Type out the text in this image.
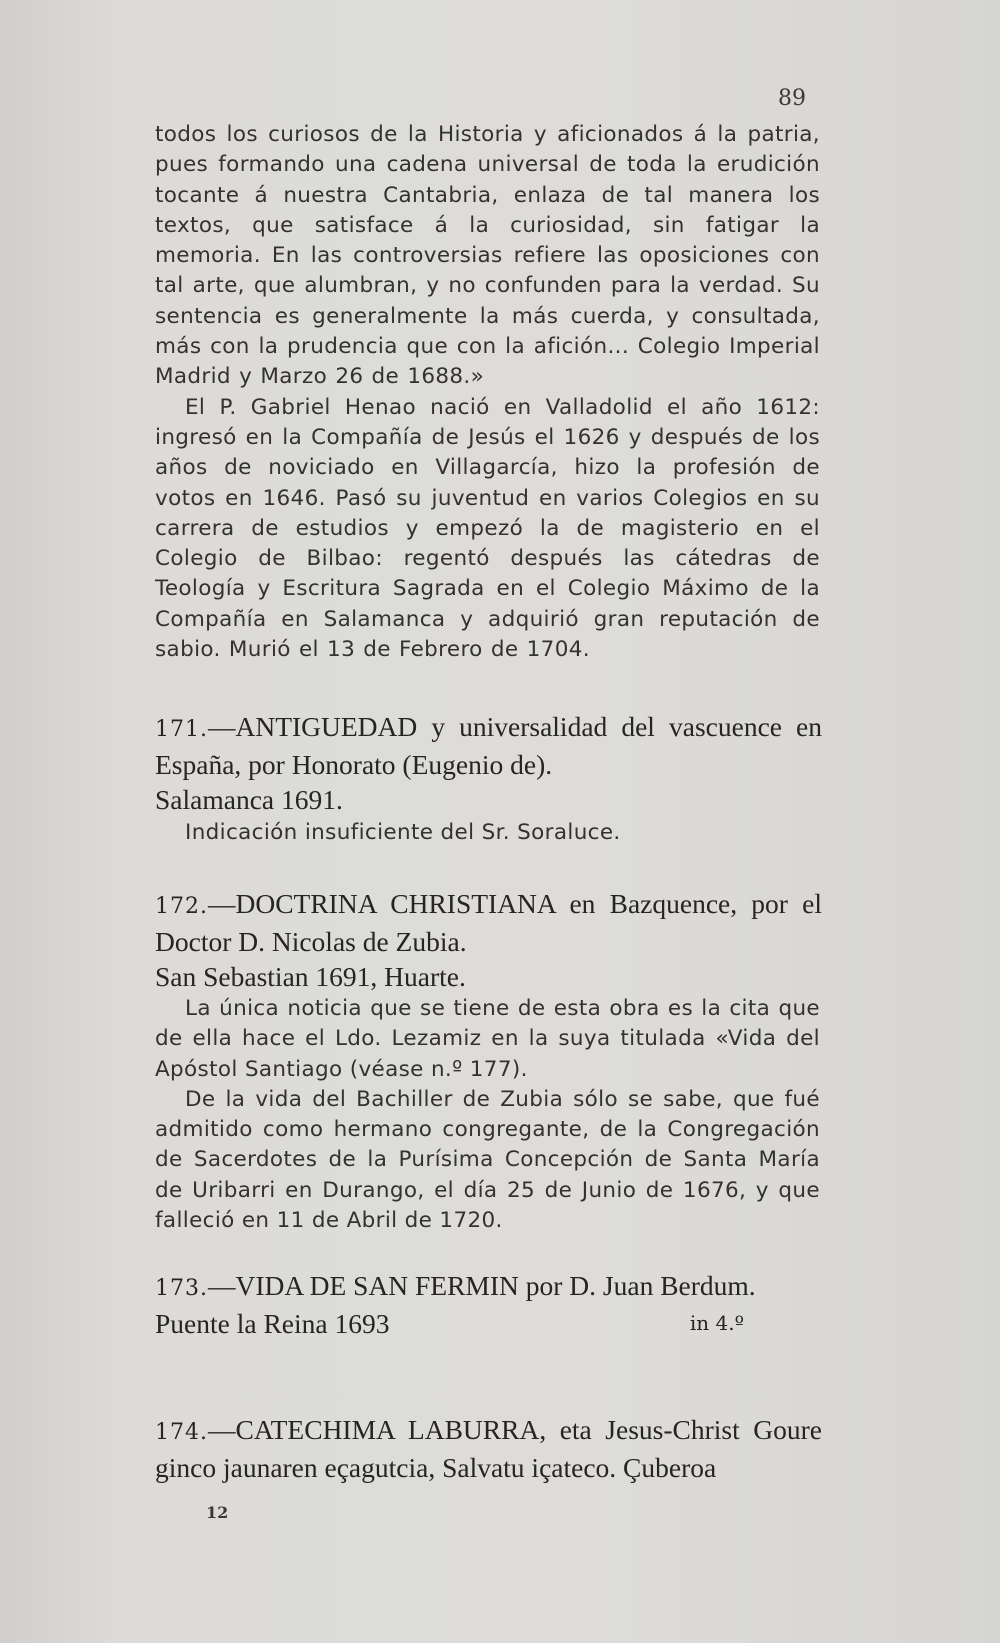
89

todos los curiosos de la Historia y aficionados á la patria, pues formando una cadena universal de toda la erudición tocante á nuestra Cantabria, enlaza de tal manera los textos, que satisface á la curiosidad, sin fatigar la memoria. En las controversias refiere las oposiciones con tal arte, que alumbran, y no confunden para la verdad. Su sentencia es generalmente la más cuerda, y consultada, más con la prudencia que con la afición... Colegio Imperial Madrid y Marzo 26 de 1688.»

El P. Gabriel Henao nació en Valladolid el año 1612: ingresó en la Compañía de Jesús el 1626 y después de los años de noviciado en Villagarcía, hizo la profesión de votos en 1646. Pasó su juventud en varios Colegios en su carrera de estudios y empezó la de magisterio en el Colegio de Bilbao: regentó después las cátedras de Teología y Escritura Sagrada en el Colegio Máximo de la Compañía en Salamanca y adquirió gran reputación de sabio. Murió el 13 de Febrero de 1704.

171.—ANTIGUEDAD y universalidad del vascuence en España, por Honorato (Eugenio de).
Salamanca 1691.
Indicación insuficiente del Sr. Soraluce.
172.—DOCTRINA CHRISTIANA en Bazquence, por el Doctor D. Nicolas de Zubia.
San Sebastian 1691, Huarte.

La única noticia que se tiene de esta obra es la cita que de ella hace el Ldo. Lezamiz en la suya titulada «Vida del Apóstol Santiago (véase n.º 177).

De la vida del Bachiller de Zubia sólo se sabe, que fué admitido como hermano congregante, de la Congregación de Sacerdotes de la Purísima Concepción de Santa María de Uribarri en Durango, el día 25 de Junio de 1676, y que falleció en 11 de Abril de 1720.

173.—VIDA DE SAN FERMIN por D. Juan Berdum.
Puente la Reina 1693	in 4.º
174.—CATECHIMA LABURRA, eta Jesus-Christ Goure ginco jaunaren eçagutcia, Salvatu içateco. Çuberoa
12
